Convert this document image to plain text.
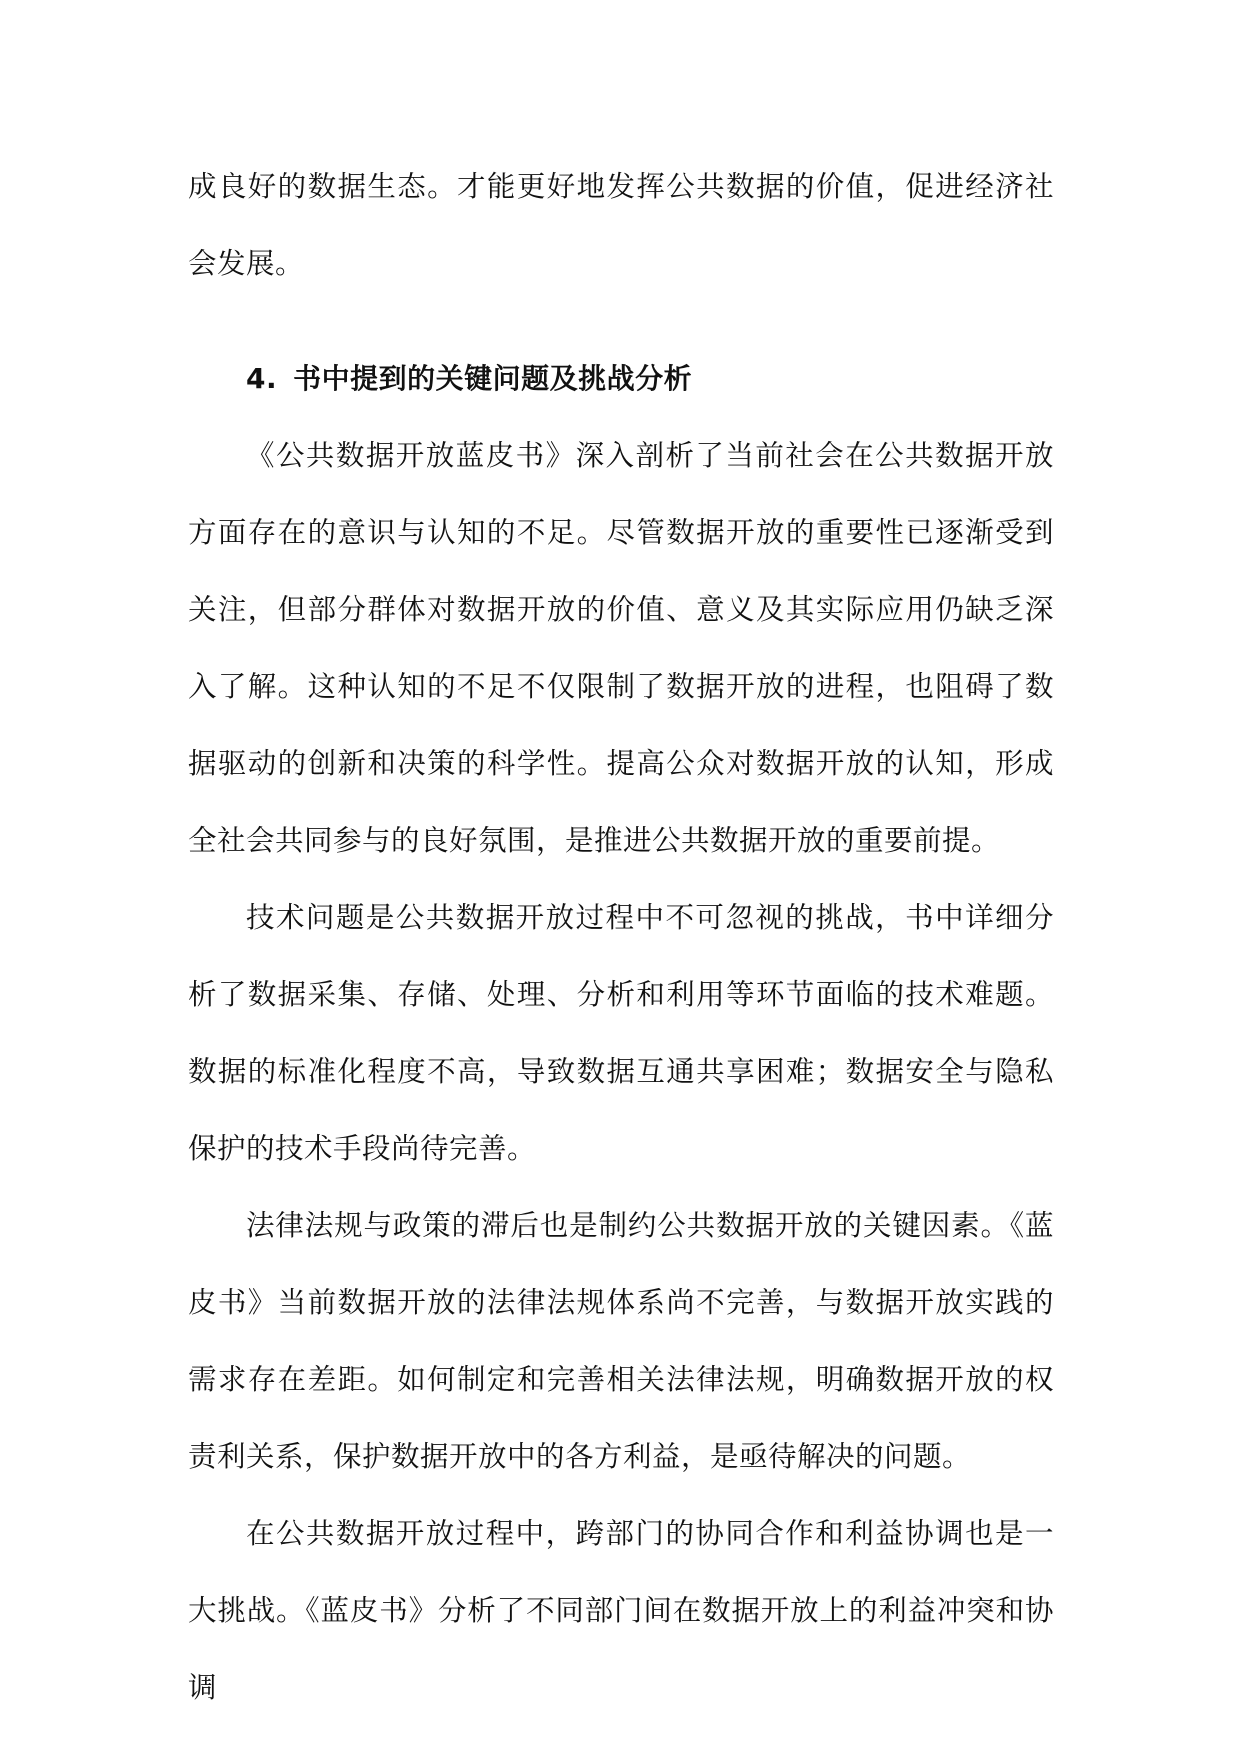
成良好的数据生态。才能更好地发挥公共数据的价值，促进经济社会发展。

4. 书中提到的关键问题及挑战分析

《公共数据开放蓝皮书》深入剖析了当前社会在公共数据开放方面存在的意识与认知的不足。尽管数据开放的重要性已逐渐受到关注，但部分群体对数据开放的价值、意义及其实际应用仍缺乏深入了解。这种认知的不足不仅限制了数据开放的进程，也阻碍了数据驱动的创新和决策的科学性。提高公众对数据开放的认知，形成全社会共同参与的良好氛围，是推进公共数据开放的重要前提。

技术问题是公共数据开放过程中不可忽视的挑战，书中详细分析了数据采集、存储、处理、分析和利用等环节面临的技术难题。数据的标准化程度不高，导致数据互通共享困难；数据安全与隐私保护的技术手段尚待完善。

法律法规与政策的滞后也是制约公共数据开放的关键因素。《蓝皮书》当前数据开放的法律法规体系尚不完善，与数据开放实践的需求存在差距。如何制定和完善相关法律法规，明确数据开放的权责利关系，保护数据开放中的各方利益，是亟待解决的问题。

在公共数据开放过程中，跨部门的协同合作和利益协调也是一大挑战。《蓝皮书》分析了不同部门间在数据开放上的利益冲突和协调
